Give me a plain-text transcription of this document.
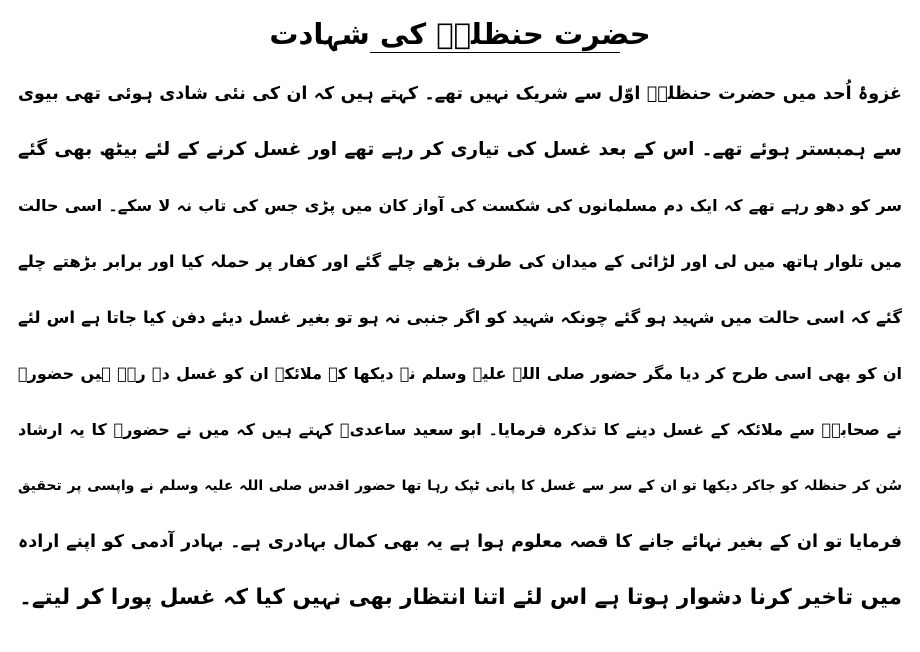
حضرت حنظلہؓ کی شہادت
غزوۂ اُحد میں حضرت حنظلہؓ اوّل سے شریک نہیں تھے۔ کہتے ہیں کہ ان کی نئی شادی ہوئی تھی بیوی
سے ہمبستر ہوئے تھے۔ اس کے بعد غسل کی تیاری کر رہے تھے اور غسل کرنے کے لئے بیٹھ بھی گئے
سر کو دھو رہے تھے کہ ایک دم مسلمانوں کی شکست کی آواز کان میں پڑی جس کی تاب نہ لا سکے۔ اسی حالت
میں تلوار ہاتھ میں لی اور لڑائی کے میدان کی طرف بڑھے چلے گئے اور کفار پر حملہ کیا اور برابر بڑھتے چلے
گئے کہ اسی حالت میں شہید ہو گئے چونکہ شہید کو اگر جنبی نہ ہو تو بغیر غسل دیئے دفن کیا جاتا ہے اس لئے
ان کو بھی اسی طرح کر دیا مگر حضور صلی اللہ علیہ وسلم نے دیکھا کہ ملائکہ ان کو غسل دے رہے ہیں حضورؐ
نے صحابہؓ سے ملائکہ کے غسل دینے کا تذکرہ فرمایا۔ ابو سعید ساعدیؓ کہتے ہیں کہ میں نے حضورؐ کا یہ ارشاد
سُن کر حنظلہ کو جاکر دیکھا تو ان کے سر سے غسل کا پانی ٹپک رہا تھا حضور اقدس صلی اللہ علیہ وسلم نے واپسی پر تحقیق
فرمایا تو ان کے بغیر نہائے جانے کا قصہ معلوم ہوا ہے یہ بھی کمال بہادری ہے۔ بہادر آدمی کو اپنے ارادہ
میں تاخیر کرنا دشوار ہوتا ہے اس لئے اتنا انتظار بھی نہیں کیا کہ غسل پورا کر لیتے۔
